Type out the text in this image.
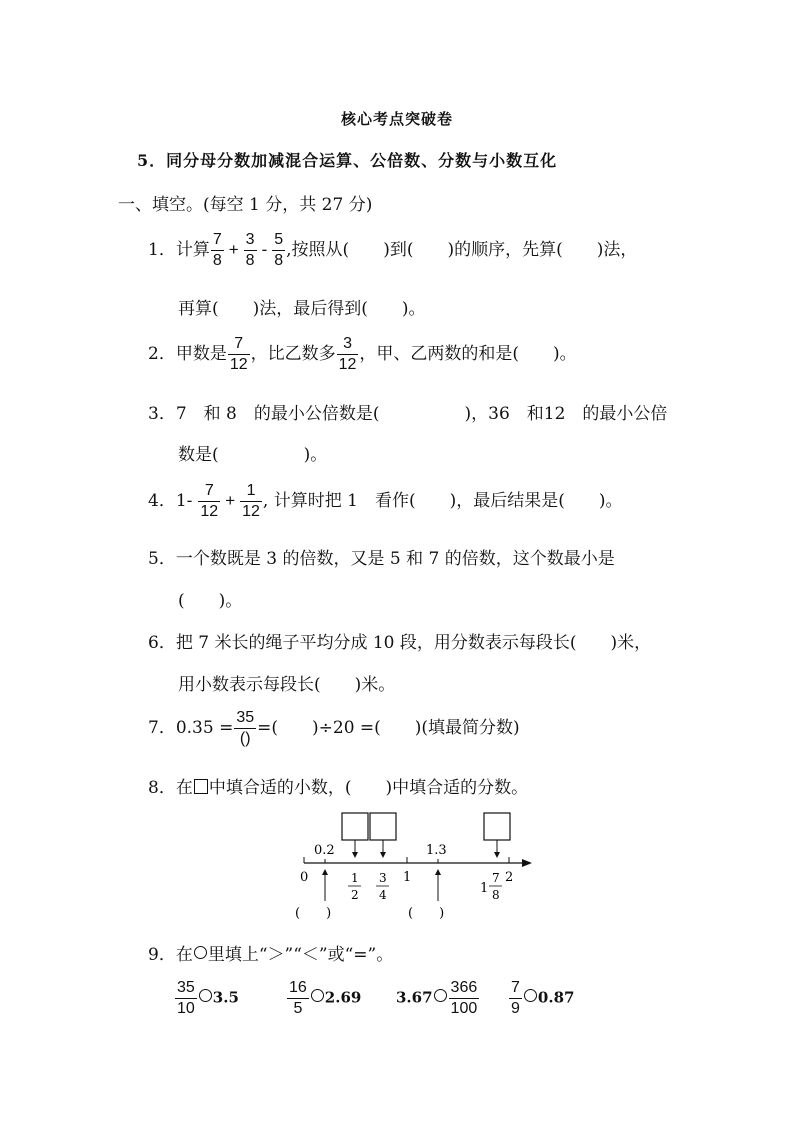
核心考点突破卷
5．同分母分数加减混合运算、公倍数、分数与小数互化
一、填空。(每空 1 分，共 27 分)
1．计算 $\frac{7}{8} + \frac{3}{8} - \frac{5}{8}$ ,按照从(　　)到(　　)的顺序，先算(　　)法，
再算(　　)法，最后得到(　　)。
2．甲数是 $\frac{7}{12}$ ，比乙数多 $\frac{3}{12}$ ，甲、乙两数的和是(　　)。
3．7　和 8　的最小公倍数是(　　　　　)，36　和12　的最小公倍
数是(　　　　　)。
4．$1- \frac{7}{12} + \frac{1}{12}$ , 计算时把 1　看作(　　)，最后结果是(　　)。
5．一个数既是 3 的倍数，又是 5 和 7 的倍数，这个数最小是
(　　)。
6．把 7 米长的绳子平均分成 10 段，用分数表示每段长(　　)米，
用小数表示每段长(　　)米。
7．$0.35 = \frac{35}{()}$ =(　　)÷20 =(　　)(填最简分数)
8．在 中填合适的小数，(　　)中填合适的分数。
0.2	1.3
0	1	2
1
2
3
4	1
7
8
(　　)	(　　)
9．在 里填上“＞”“＜”或“=”。
$\frac{35}{10} 3.5$	$\frac{16}{5} 2.69$ $3.67 \frac{366}{100} \frac{7}{9} 0.87$
